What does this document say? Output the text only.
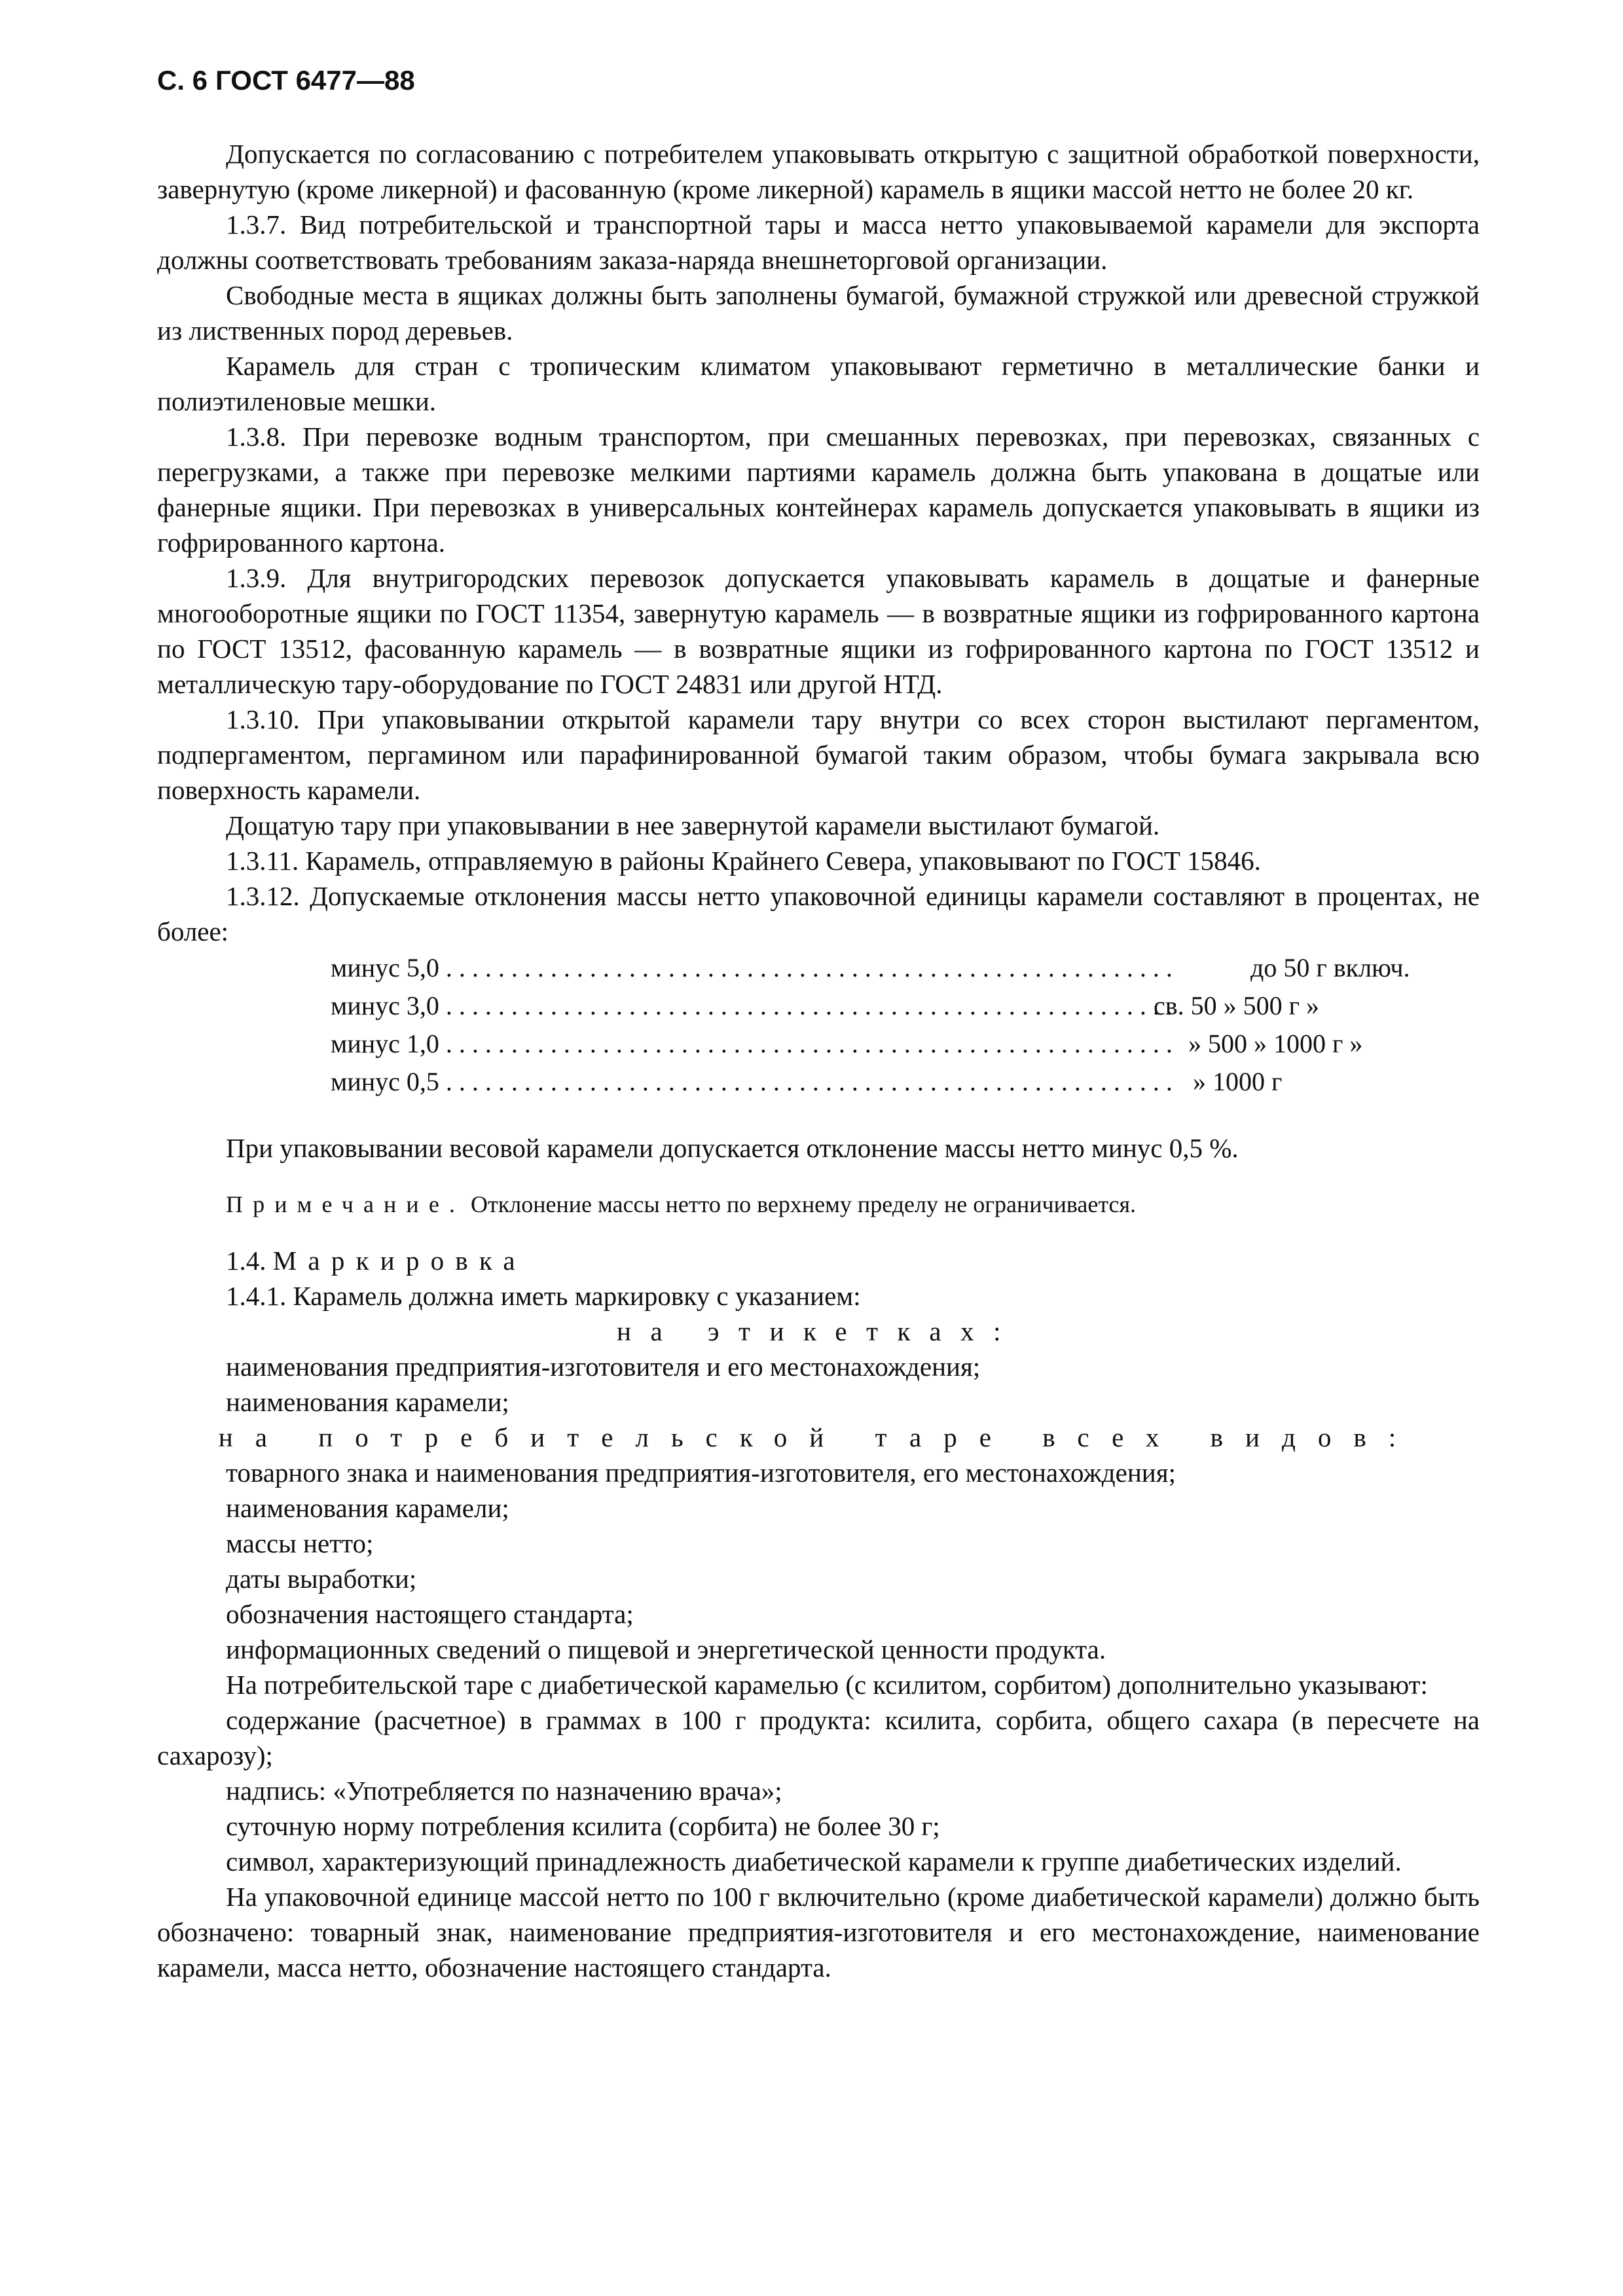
С. 6 ГОСТ 6477—88

Допускается по согласованию с потребителем упаковывать открытую с защитной обработкой поверхности, завернутую (кроме ликерной) и фасованную (кроме ликерной) карамель в ящики массой нетто не более 20 кг.

1.3.7. Вид потребительской и транспортной тары и масса нетто упаковываемой карамели для экспорта должны соответствовать требованиям заказа-наряда внешнеторговой организации.

Свободные места в ящиках должны быть заполнены бумагой, бумажной стружкой или древесной стружкой из лиственных пород деревьев.

Карамель для стран с тропическим климатом упаковывают герметично в металлические банки и полиэтиленовые мешки.

1.3.8. При перевозке водным транспортом, при смешанных перевозках, при перевозках, связанных с перегрузками, а также при перевозке мелкими партиями карамель должна быть упакована в дощатые или фанерные ящики. При перевозках в универсальных контейнерах карамель допускается упаковывать в ящики из гофрированного картона.

1.3.9. Для внутригородских перевозок допускается упаковывать карамель в дощатые и фанерные многооборотные ящики по ГОСТ 11354, завернутую карамель — в возвратные ящики из гофрированного картона по ГОСТ 13512, фасованную карамель — в возвратные ящики из гофрированного картона по ГОСТ 13512 и металлическую тару-оборудование по ГОСТ 24831 или другой НТД.

1.3.10. При упаковывании открытой карамели тару внутри со всех сторон выстилают пергаментом, подпергаментом, пергамином или парафинированной бумагой таким образом, чтобы бумага закрывала всю поверхность карамели.

Дощатую тару при упаковывании в нее завернутой карамели выстилают бумагой.

1.3.11. Карамель, отправляемую в районы Крайнего Севера, упаковывают по ГОСТ 15846.

1.3.12. Допускаемые отклонения массы нетто упаковочной единицы карамели составляют в процентах, не более:

минус 5,0 . . . . . . . . . . . . . . . . . . . . . . . . . . . . . . . . . . . . . . . . . . . . . . . . . . . . . . . .	до 50 г включ.
минус 3,0 . . . . . . . . . . . . . . . . . . . . . . . . . . . . . . . . . . . . . . . . . . . . . . . . . . . . . . . .
св. 50 » 500 г »
минус 1,0 . . . . . . . . . . . . . . . . . . . . . . . . . . . . . . . . . . . . . . . . . . . . . . . . . . . . . . . . » 500 » 1000 г »
минус 0,5 . . . . . . . . . . . . . . . . . . . . . . . . . . . . . . . . . . . . . . . . . . . . . . . . . . . . . . . . » 1000 г

При упаковывании весовой карамели допускается отклонение массы нетто минус 0,5 %.

Примечание. Отклонение массы нетто по верхнему пределу не ограничивается.

1.4. Маркировка

1.4.1. Карамель должна иметь маркировку с указанием:

на этикетках:

наименования предприятия-изготовителя и его местонахождения;

наименования карамели;

на потребительской таре всех видов:

товарного знака и наименования предприятия-изготовителя, его местонахождения;

наименования карамели;

массы нетто;

даты выработки;

обозначения настоящего стандарта;

информационных сведений о пищевой и энергетической ценности продукта.

На потребительской таре с диабетической карамелью (с ксилитом, сорбитом) дополнительно указывают:

содержание (расчетное) в граммах в 100 г продукта: ксилита, сорбита, общего сахара (в пересчете на сахарозу);

надпись: «Употребляется по назначению врача»;

суточную норму потребления ксилита (сорбита) не более 30 г;

символ, характеризующий принадлежность диабетической карамели к группе диабетических изделий.

На упаковочной единице массой нетто по 100 г включительно (кроме диабетической карамели) должно быть обозначено: товарный знак, наименование предприятия-изготовителя и его местонахождение, наименование карамели, масса нетто, обозначение настоящего стандарта.
